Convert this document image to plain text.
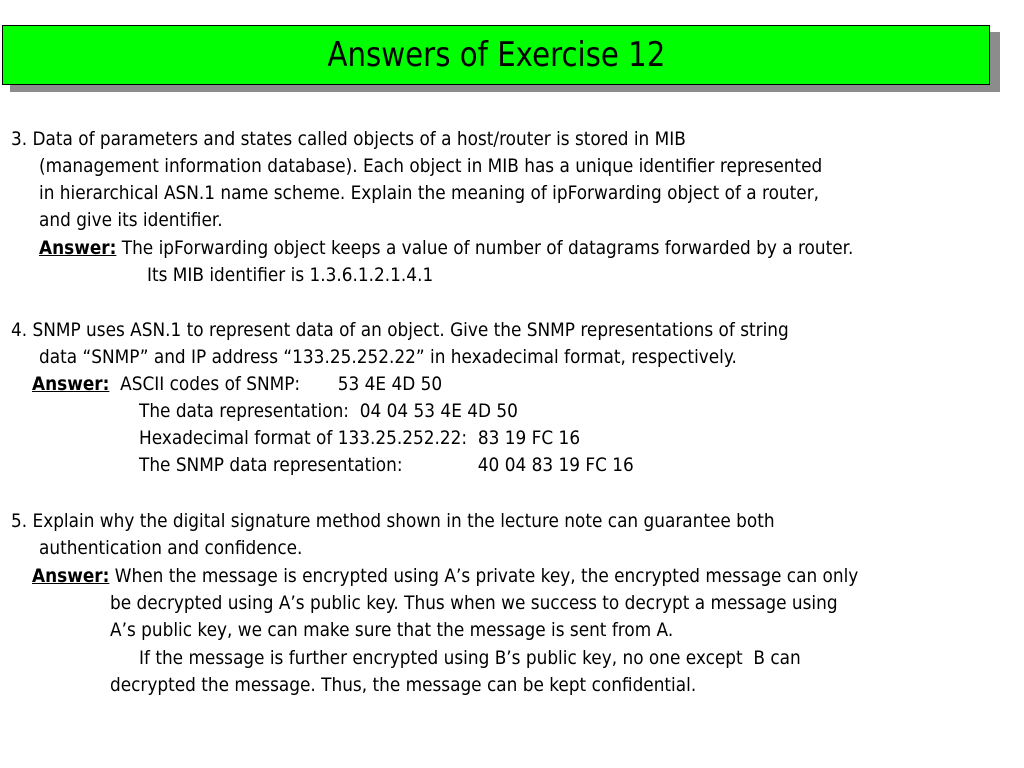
Answers of Exercise 12
3. Data of parameters and states called objects of a host/router is stored in MIB
(management information database). Each object in MIB has a unique identifier represented
in hierarchical ASN.1 name scheme. Explain the meaning of ipForwarding object of a router,
and give its identifier.
Answer: The ipForwarding object keeps a value of number of datagrams forwarded by a router.
Its MIB identifier is 1.3.6.1.2.1.4.1
4. SNMP uses ASN.1 to represent data of an object. Give the SNMP representations of string
data “SNMP” and IP address “133.25.252.22” in hexadecimal format, respectively.
Answer:  ASCII codes of SNMP:       53 4E 4D 50
The data representation:  04 04 53 4E 4D 50
Hexadecimal format of 133.25.252.22:  83 19 FC 16
The SNMP data representation:              40 04 83 19 FC 16
5. Explain why the digital signature method shown in the lecture note can guarantee both
authentication and confidence.
Answer: When the message is encrypted using A’s private key, the encrypted message can only
be decrypted using A’s public key. Thus when we success to decrypt a message using
A’s public key, we can make sure that the message is sent from A.
If the message is further encrypted using B’s public key, no one except  B can
decrypted the message. Thus, the message can be kept confidential.
